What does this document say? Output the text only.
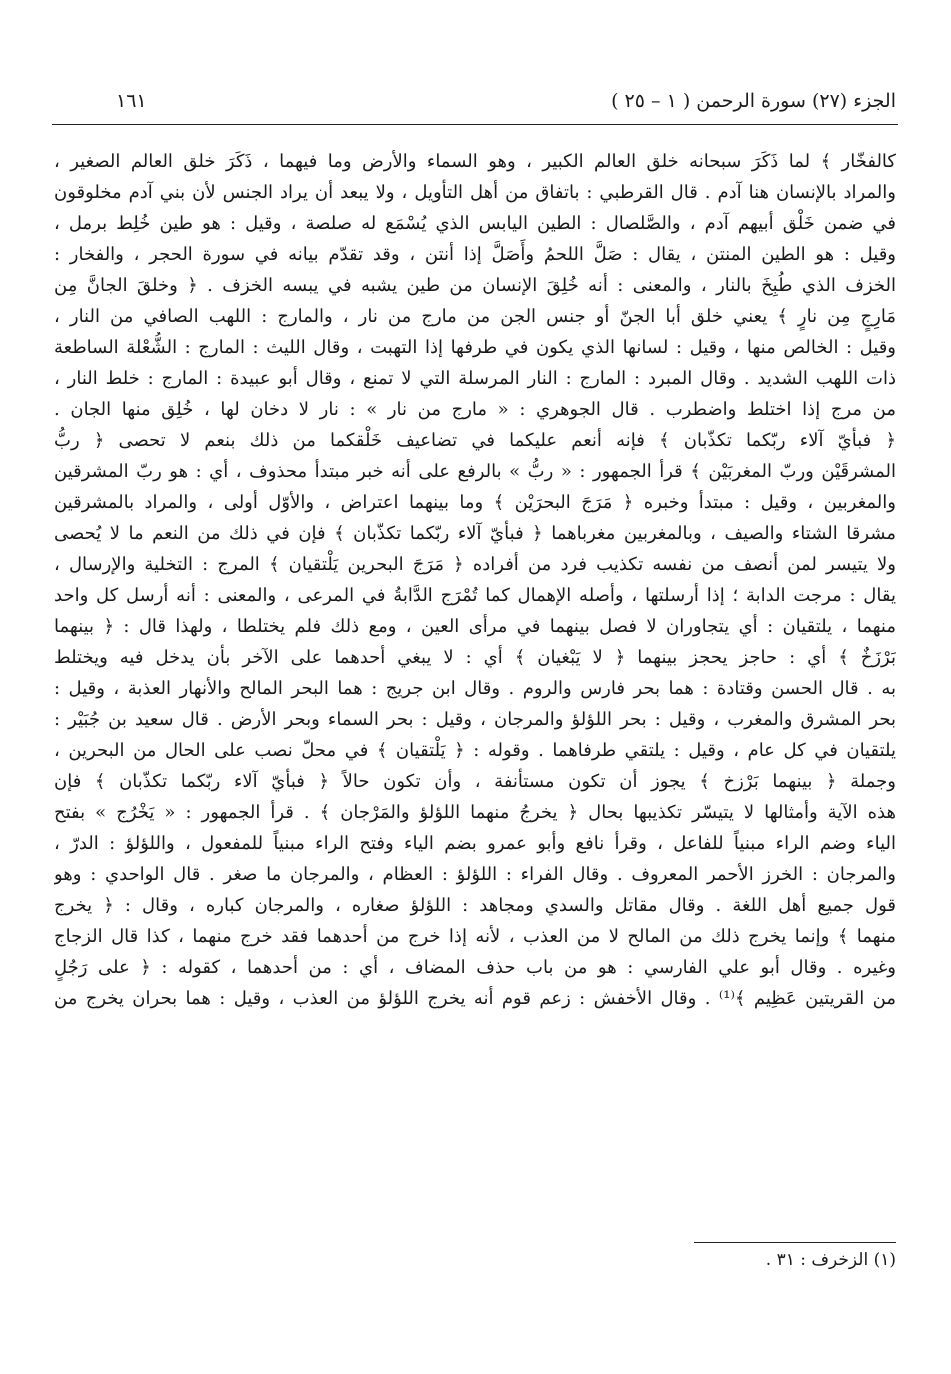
الجزء (٢٧) سورة الرحمن ( ١ – ٢٥ )
١٦١
كالفخّار ﴾ لما ذَكَرَ سبحانه خلق العالم الكبير ، وهو السماء والأرض وما فيهما ، ذَكَرَ خلق العالم الصغير ،
والمراد بالإنسان هنا آدم . قال القرطبي : باتفاق من أهل التأويل ، ولا يبعد أن يراد الجنس لأن بني آدم مخلوقون
في ضمن خَلْق أبيهم آدم ، والصَّلصال : الطين اليابس الذي يُسْمَع له صلصة ، وقيل : هو طين خُلِط برمل ،
وقيل : هو الطين المنتن ، يقال : صَلَّ اللحمُ وأَصَلَّ إذا أنتن ، وقد تقدّم بيانه في سورة الحجر ، والفخار :
الخزف الذي طُبِخَ بالنار ، والمعنى : أنه خُلِقَ الإنسان من طين يشبه في يبسه الخزف . ﴿ وخلقَ الجانَّ مِن
مَارِجٍ مِن نارٍ ﴾ يعني خلق أبا الجنّ أو جنس الجن من مارج من نار ، والمارج : اللهب الصافي من النار ،
وقيل : الخالص منها ، وقيل : لسانها الذي يكون في طرفها إذا التهبت ، وقال الليث : المارج : الشُّعْلة الساطعة
ذات اللهب الشديد . وقال المبرد : المارج : النار المرسلة التي لا تمنع ، وقال أبو عبيدة : المارج : خلط النار ،
من مرج إذا اختلط واضطرب . قال الجوهري : « مارج من نار » : نار لا دخان لها ، خُلِق منها الجان .
﴿ فبأيّ آلاء ربّكما تكذّبان ﴾ فإنه أنعم عليكما في تضاعيف خَلْقكما من ذلك بنعم لا تحصى ﴿ ربُّ
المشرقَيْن وربّ المغربَيْن ﴾ قرأ الجمهور : « ربُّ » بالرفع على أنه خبر مبتدأ محذوف ، أي : هو ربّ المشرقين
والمغربين ، وقيل : مبتدأ وخبره ﴿ مَرَجَ البحرَيْن ﴾ وما بينهما اعتراض ، والأوّل أولى ، والمراد بالمشرقين
مشرقا الشتاء والصيف ، وبالمغربين مغرباهما ﴿ فبأيّ آلاء ربّكما تكذّبان ﴾ فإن في ذلك من النعم ما لا يُحصى
ولا يتيسر لمن أنصف من نفسه تكذيب فرد من أفراده ﴿ مَرَجَ البحرين يَلْتقيان ﴾ المرج : التخلية والإرسال ،
يقال : مرجت الدابة ؛ إذا أرسلتها ، وأصله الإهمال كما تُمْرَج الدَّابةُ في المرعى ، والمعنى : أنه أرسل كل واحد
منهما ، يلتقيان : أي يتجاوران لا فصل بينهما في مرأى العين ، ومع ذلك فلم يختلطا ، ولهذا قال : ﴿ بينهما
بَرْزَخٌ ﴾ أي : حاجز يحجز بينهما ﴿ لا يَبْغيان ﴾ أي : لا يبغي أحدهما على الآخر بأن يدخل فيه ويختلط
به . قال الحسن وقتادة : هما بحر فارس والروم . وقال ابن جريج : هما البحر المالح والأنهار العذبة ، وقيل :
بحر المشرق والمغرب ، وقيل : بحر اللؤلؤ والمرجان ، وقيل : بحر السماء وبحر الأرض . قال سعيد بن جُبَيْر :
يلتقيان في كل عام ، وقيل : يلتقي طرفاهما . وقوله : ﴿ يَلْتقيان ﴾ في محلّ نصب على الحال من البحرين ،
وجملة ﴿ بينهما بَرْزخ ﴾ يجوز أن تكون مستأنفة ، وأن تكون حالاً ﴿ فبأيّ آلاء ربّكما تكذّبان ﴾ فإن
هذه الآية وأمثالها لا يتيسّر تكذيبها بحال ﴿ يخرجُ منهما اللؤلؤ والمَرْجان ﴾ . قرأ الجمهور : « يَخْرُج » بفتح
الياء وضم الراء مبنياً للفاعل ، وقرأ نافع وأبو عمرو بضم الياء وفتح الراء مبنياً للمفعول ، واللؤلؤ : الدرّ ،
والمرجان : الخرز الأحمر المعروف . وقال الفراء : اللؤلؤ : العظام ، والمرجان ما صغر . قال الواحدي : وهو
قول جميع أهل اللغة . وقال مقاتل والسدي ومجاهد : اللؤلؤ صغاره ، والمرجان كباره ، وقال : ﴿ يخرج
منهما ﴾ وإنما يخرج ذلك من المالح لا من العذب ، لأنه إذا خرج من أحدهما فقد خرج منهما ، كذا قال الزجاج
وغيره . وقال أبو علي الفارسي : هو من باب حذف المضاف ، أي : من أحدهما ، كقوله : ﴿ على رَجُلٍ
من القريتين عَظِيم ﴾⁽¹⁾ . وقال الأخفش : زعم قوم أنه يخرج اللؤلؤ من العذب ، وقيل : هما بحران يخرج من
(١) الزخرف : ٣١ .
